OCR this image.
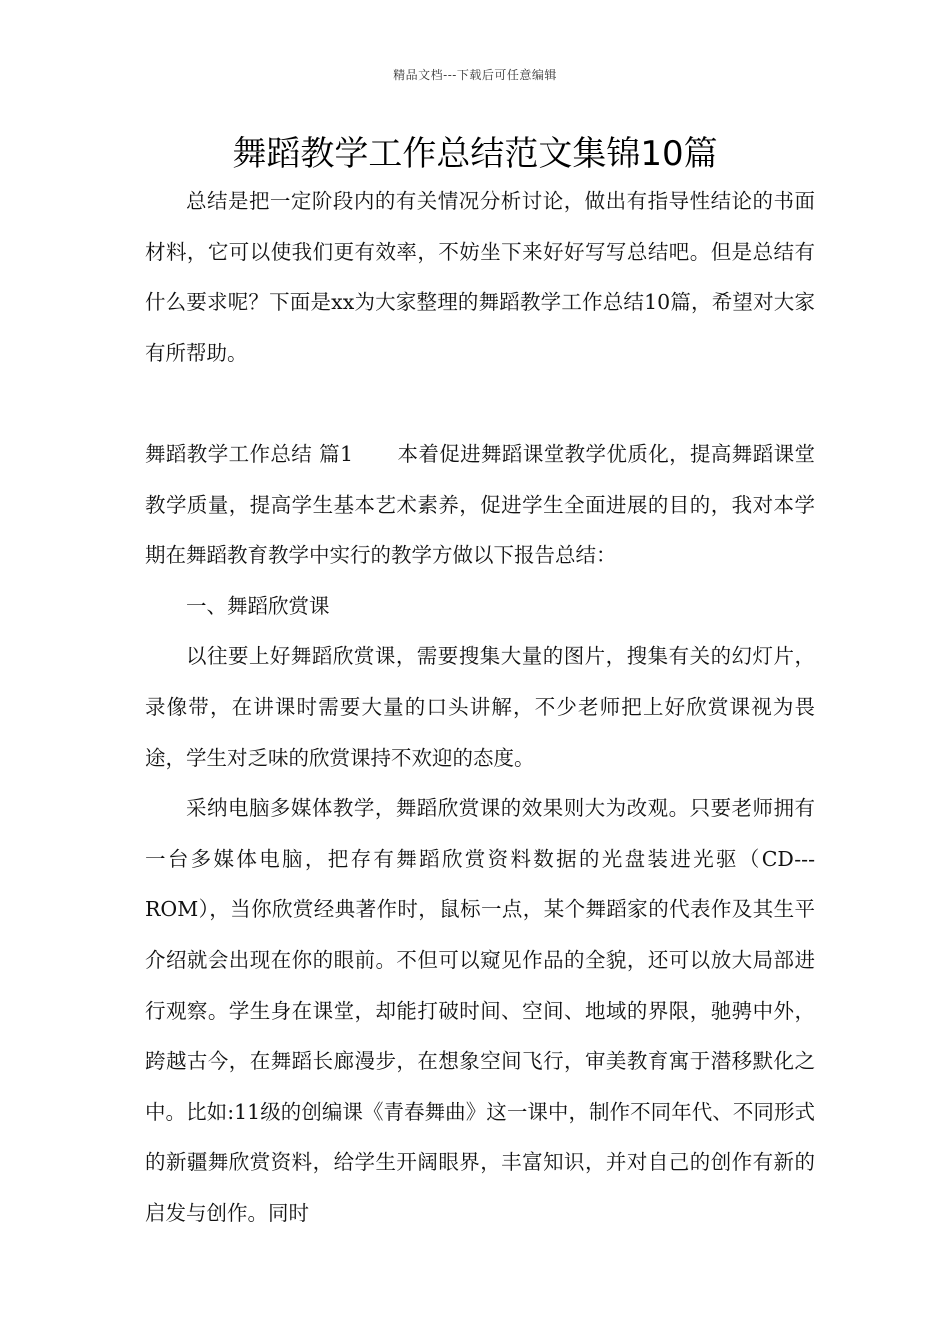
精品文档---下载后可任意编辑
舞蹈教学工作总结范文集锦10篇

总结是把一定阶段内的有关情况分析讨论，做出有指导性结论的书面材料，它可以使我们更有效率，不妨坐下来好好写写总结吧。但是总结有什么要求呢？下面是xx为大家整理的舞蹈教学工作总结10篇，希望对大家有所帮助。

舞蹈教学工作总结 篇1 本着促进舞蹈课堂教学优质化，提高舞蹈课堂教学质量，提高学生基本艺术素养，促进学生全面进展的目的，我对本学期在舞蹈教育教学中实行的教学方做以下报告总结：

一、舞蹈欣赏课

以往要上好舞蹈欣赏课，需要搜集大量的图片，搜集有关的幻灯片，录像带，在讲课时需要大量的口头讲解，不少老师把上好欣赏课视为畏途，学生对乏味的欣赏课持不欢迎的态度。

采纳电脑多媒体教学，舞蹈欣赏课的效果则大为改观。只要老师拥有一台多媒体电脑，把存有舞蹈欣赏资料数据的光盘装进光驱（CD---ROM），当你欣赏经典著作时，鼠标一点，某个舞蹈家的代表作及其生平介绍就会出现在你的眼前。不但可以窥见作品的全貌，还可以放大局部进行观察。学生身在课堂，却能打破时间、空间、地域的界限，驰骋中外，跨越古今，在舞蹈长廊漫步，在想象空间飞行，审美教育寓于潜移默化之中。比如:11级的创编课《青春舞曲》这一课中，制作不同年代、不同形式的新疆舞欣赏资料，给学生开阔眼界，丰富知识，并对自己的创作有新的启发与创作。同时
